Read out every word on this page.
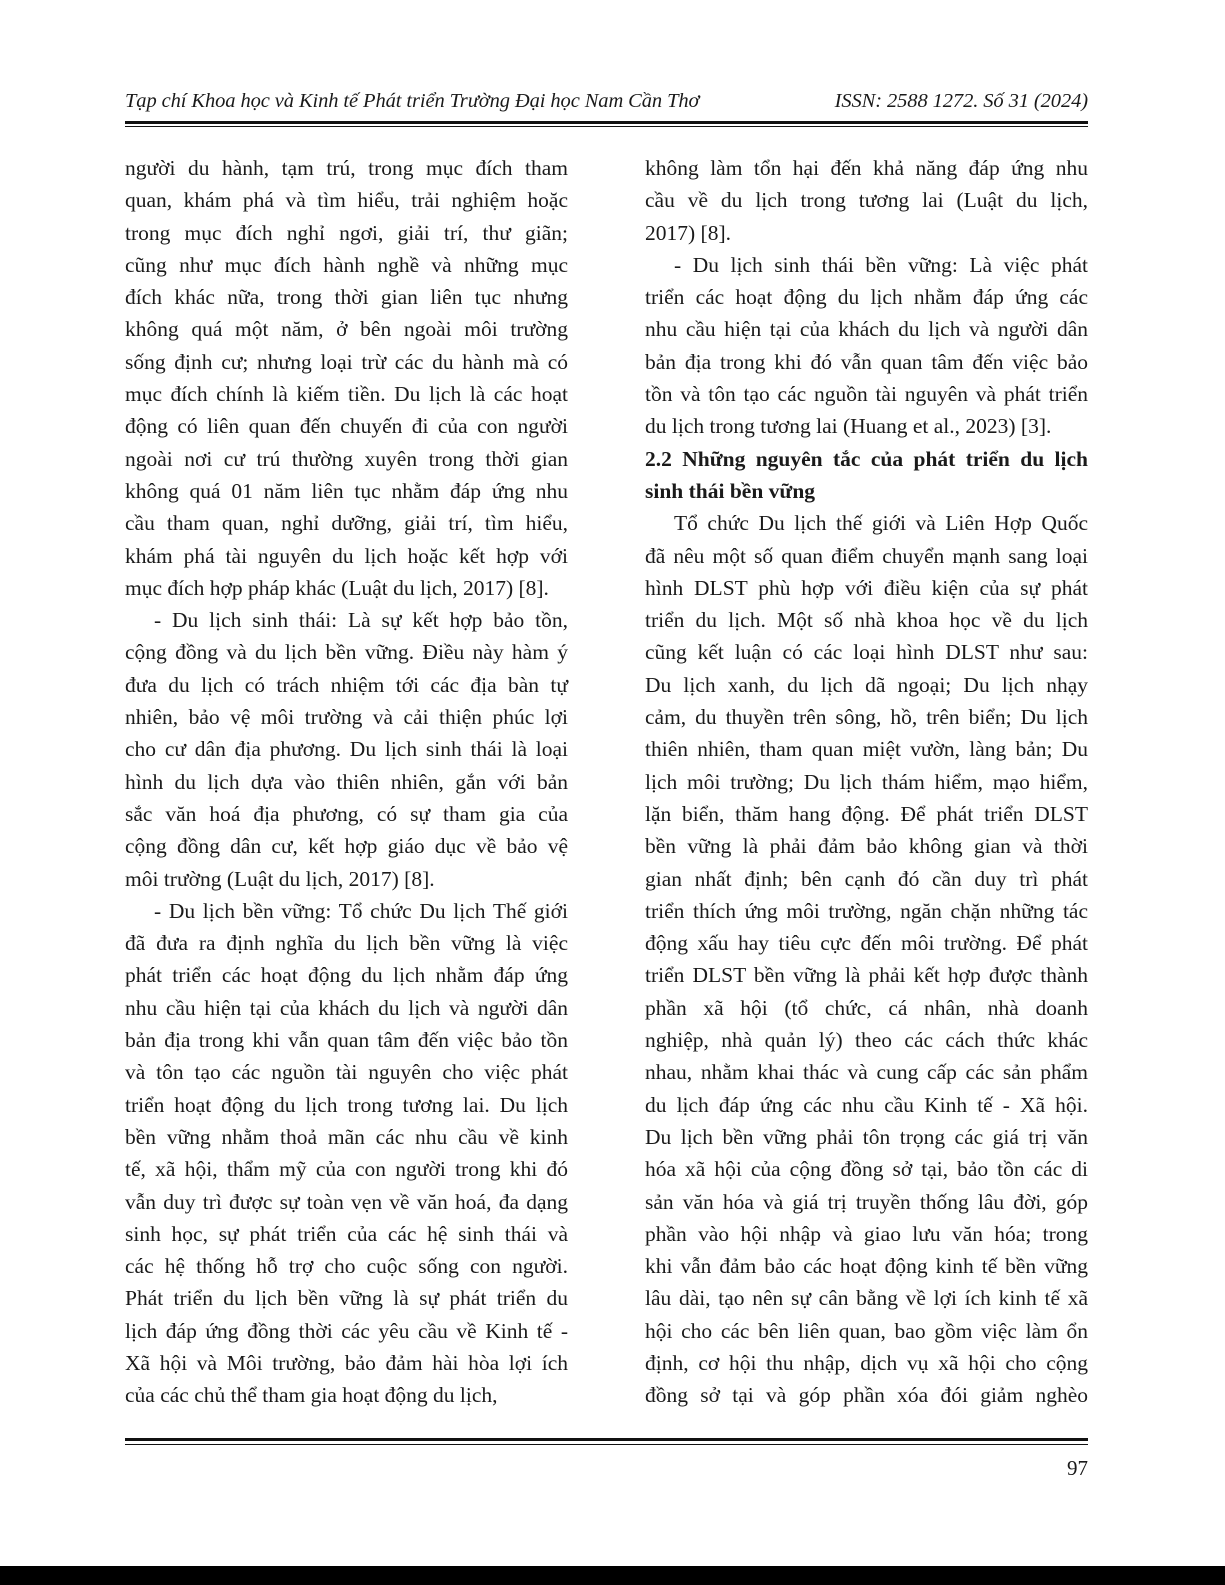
Tạp chí Khoa học và Kinh tế Phát triển Trường Đại học Nam Cần Thơ	ISSN: 2588 1272. Số 31 (2024)
người du hành, tạm trú, trong mục đích tham
quan, khám phá và tìm hiểu, trải nghiệm hoặc
trong mục đích nghỉ ngơi, giải trí, thư giãn;
cũng như mục đích hành nghề và những mục
đích khác nữa, trong thời gian liên tục nhưng
không quá một năm, ở bên ngoài môi trường
sống định cư; nhưng loại trừ các du hành mà có
mục đích chính là kiếm tiền. Du lịch là các hoạt
động có liên quan đến chuyến đi của con người
ngoài nơi cư trú thường xuyên trong thời gian
không quá 01 năm liên tục nhằm đáp ứng nhu
cầu tham quan, nghỉ dưỡng, giải trí, tìm hiểu,
khám phá tài nguyên du lịch hoặc kết hợp với
mục đích hợp pháp khác (Luật du lịch, 2017) [8].
- Du lịch sinh thái: Là sự kết hợp bảo tồn,
cộng đồng và du lịch bền vững. Điều này hàm ý
đưa du lịch có trách nhiệm tới các địa bàn tự
nhiên, bảo vệ môi trường và cải thiện phúc lợi
cho cư dân địa phương. Du lịch sinh thái là loại
hình du lịch dựa vào thiên nhiên, gắn với bản
sắc văn hoá địa phương, có sự tham gia của
cộng đồng dân cư, kết hợp giáo dục về bảo vệ
môi trường (Luật du lịch, 2017) [8].
- Du lịch bền vững: Tổ chức Du lịch Thế giới
đã đưa ra định nghĩa du lịch bền vững là việc
phát triển các hoạt động du lịch nhằm đáp ứng
nhu cầu hiện tại của khách du lịch và người dân
bản địa trong khi vẫn quan tâm đến việc bảo tồn
và tôn tạo các nguồn tài nguyên cho việc phát
triển hoạt động du lịch trong tương lai. Du lịch
bền vững nhằm thoả mãn các nhu cầu về kinh
tế, xã hội, thẩm mỹ của con người trong khi đó
vẫn duy trì được sự toàn vẹn về văn hoá, đa dạng
sinh học, sự phát triển của các hệ sinh thái và
các hệ thống hỗ trợ cho cuộc sống con người.
Phát triển du lịch bền vững là sự phát triển du
lịch đáp ứng đồng thời các yêu cầu về Kinh tế -
Xã hội và Môi trường, bảo đảm hài hòa lợi ích
của các chủ thể tham gia hoạt động du lịch,
không làm tổn hại đến khả năng đáp ứng nhu
cầu về du lịch trong tương lai (Luật du lịch,
2017) [8].
- Du lịch sinh thái bền vững: Là việc phát
triển các hoạt động du lịch nhằm đáp ứng các
nhu cầu hiện tại của khách du lịch và người dân
bản địa trong khi đó vẫn quan tâm đến việc bảo
tồn và tôn tạo các nguồn tài nguyên và phát triển
du lịch trong tương lai (Huang et al., 2023) [3].
2.2 Những nguyên tắc của phát triển du lịch
sinh thái bền vững
Tổ chức Du lịch thế giới và Liên Hợp Quốc
đã nêu một số quan điểm chuyển mạnh sang loại
hình DLST phù hợp với điều kiện của sự phát
triển du lịch. Một số nhà khoa học về du lịch
cũng kết luận có các loại hình DLST như sau:
Du lịch xanh, du lịch dã ngoại; Du lịch nhạy
cảm, du thuyền trên sông, hồ, trên biển; Du lịch
thiên nhiên, tham quan miệt vườn, làng bản; Du
lịch môi trường; Du lịch thám hiểm, mạo hiểm,
lặn biển, thăm hang động. Để phát triển DLST
bền vững là phải đảm bảo không gian và thời
gian nhất định; bên cạnh đó cần duy trì phát
triển thích ứng môi trường, ngăn chặn những tác
động xấu hay tiêu cực đến môi trường. Để phát
triển DLST bền vững là phải kết hợp được thành
phần xã hội (tổ chức, cá nhân, nhà doanh
nghiệp, nhà quản lý) theo các cách thức khác
nhau, nhằm khai thác và cung cấp các sản phẩm
du lịch đáp ứng các nhu cầu Kinh tế - Xã hội.
Du lịch bền vững phải tôn trọng các giá trị văn
hóa xã hội của cộng đồng sở tại, bảo tồn các di
sản văn hóa và giá trị truyền thống lâu đời, góp
phần vào hội nhập và giao lưu văn hóa; trong
khi vẫn đảm bảo các hoạt động kinh tế bền vững
lâu dài, tạo nên sự cân bằng về lợi ích kinh tế xã
hội cho các bên liên quan, bao gồm việc làm ổn
định, cơ hội thu nhập, dịch vụ xã hội cho cộng
đồng sở tại và góp phần xóa đói giảm nghèo
97
